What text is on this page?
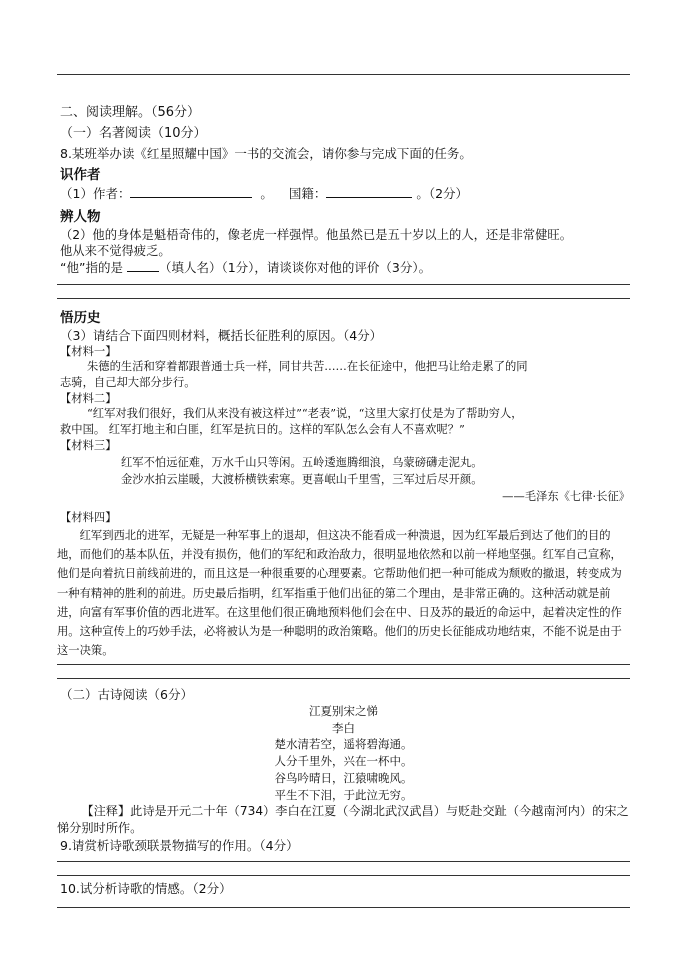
二、阅读理解。（56分）
（一）名著阅读（10分）
8.某班举办读《红星照耀中国》一书的交流会，请你参与完成下面的任务。
识作者
（1）作者：	。 国籍：	。（2分）
辨人物
（2）他的身体是魁梧奇伟的，像老虎一样强悍。他虽然已是五十岁以上的人，还是非常健旺。
他从来不觉得疲乏。
“他”指的是	（填人名）（1分），请谈谈你对他的评价（3分）。
悟历史
（3）请结合下面四则材料，概括长征胜利的原因。（4分）
【材料一】
朱德的生活和穿着都跟普通士兵一样，同甘共苦……在长征途中，他把马让给走累了的同
志骑，自己却大部分步行。
【材料二】
“红军对我们很好，我们从来没有被这样过”“老表”说，“这里大家打仗是为了帮助穷人，
救中国。 红军打地主和白匪，红军是抗日的。这样的军队怎么会有人不喜欢呢？”
【材料三】
红军不怕远征难，万水千山只等闲。五岭逶迤腾细浪，乌蒙磅礴走泥丸。
金沙水拍云崖暖，大渡桥横铁索寒。更喜岷山千里雪，三军过后尽开颜。
——毛泽东《七律·长征》
【材料四】
红军到西北的进军，无疑是一种军事上的退却，但这决不能看成一种溃退，因为红军最后到达了他们的目的地，而他们的基本队伍，并没有损伤，他们的军纪和政治敌力，很明显地依然和以前一样地坚强。红军自己宣称，他们是向着抗日前线前进的，而且这是一种很重要的心理要素。它帮助他们把一种可能成为颓败的撤退，转变成为一种有精神的胜利的前进。历史最后指明，红军指重于他们出征的第二个理由，是非常正确的。这种活动就是前进，向富有军事价值的西北进军。在这里他们很正确地预料他们会在中、日及苏的最近的命运中，起着决定性的作用。这种宣传上的巧妙手法，必将被认为是一种聪明的政治策略。他们的历史长征能成功地结束，不能不说是由于这一决策。
（二）古诗阅读（6分）
江夏别宋之悌
李白
楚水清若空，遥将碧海通。
人分千里外，兴在一杯中。
谷鸟吟晴日，江猿啸晚风。
平生不下泪，于此泣无穷。
【注释】此诗是开元二十年（734）李白在江夏（今湖北武汉武昌）与贬赴交趾（今越南河内）的宋之悌分别时所作。
9.请赏析诗歌颈联景物描写的作用。（4分）
10.试分析诗歌的情感。（2分）
